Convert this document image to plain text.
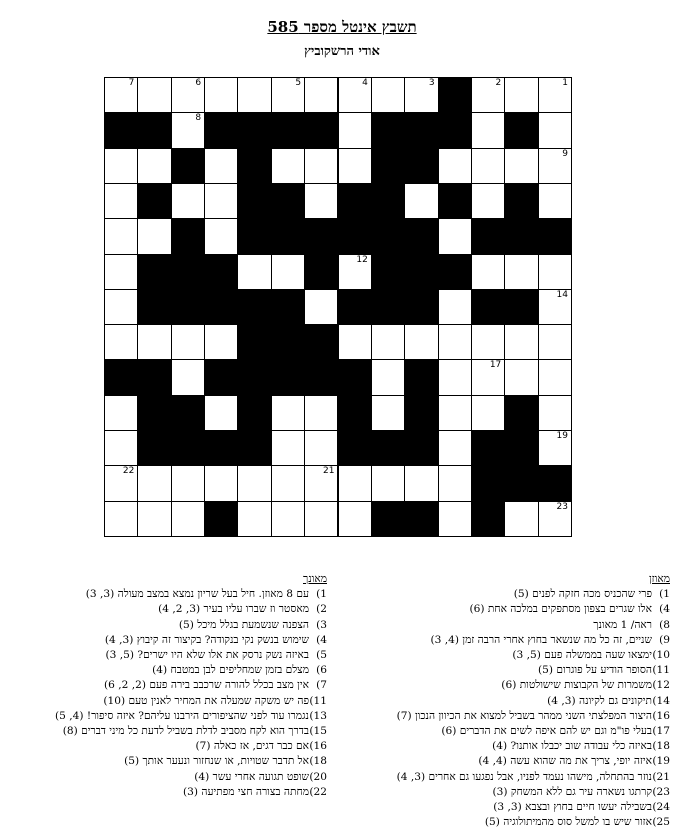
תשבץ אינטל מספר 585
אודי הרשקוביץ
1
9
11
14
19
23
2
17
20
3
15
4
10
12
16
21
5
18
6
8
13
7
22
מאוזן
1)פרי שהכניס מכה חזקה לפנים (5)
4)אלו שגרים בצפון מסתפקים במלכה אחת (6)
8)ראה/ 1 מאונך
9)שניים, זה כל מה שנשאר בחוץ אחרי הרבה זמן (4, 3)
10)ימצאו שעה בממשלה פעם (5, 3)
11)הסופר הודיע על פוגרום (5)
12)משמרות של הקבוצות שישולטות (6)
14)תיקונים גם לקיונה (3, 4)
16)היצור המפלצתי השני ממהר בשביל למצוא את הכיוון הנכון (7)
17)בעלי פו"מ וגם יש להם איפה לשים את הדברים (6)
18)באיזה כלי עבודה שוב יכבלו אותנו? (4)
19)איזה יופי, צריך את מה שהוא עשה (4, 4)
21)נוזר בהתחלה, מישהו נעמד לפניו, אבל נפגעו גם אחרים (3, 4)
23)קרתגו נשארה עיר גם ללא המשחק (3)
24)בשבילה יעשו חיים בחוץ ובצבא (3, 3)
25)אזור שיש בו למשל סוס מהמיתולוגיה (5)
מאונך
1)עם 8 מאוזן. חיל בעל שריון נמצא במצב מעולה (3, 3)
2)מאסטר וז שברו עליו בעיר (3, 2, 4)
3)הצפנה שנשמעת בגלל מיכל (5)
4)שימוש בנשק נקי בנקודה? בקיצור זה קיבוץ (3, 4)
5)באיזה נשק נרסק את אלו שלא היו ישרים? (5, 3)
6)מצלם בזמן שמחליפים לבן במטבח (4)
7)אין מצב בכלל להורה שרכבב בירה פעם (2, 2, 6)
11)פה יש משקה שמעלה את המחיר לאנין טעם (10)
13)נגמרו עוד לפני שהציפורים הירבנו עליהם? איזה סיפור! (4, 5)
15)בדרך הוא לקח מסביב לדלת בשביל לדעת כל מיני דברים (8)
16)אם כבר דגים, אז כאלה (7)
18)אל תדבר שטויות, או שנחזור ונעער אותך (5)
20)שופט תגועה אחרי עשר (4)
22)מחתה בצורה חצי מפתיעה (3)
